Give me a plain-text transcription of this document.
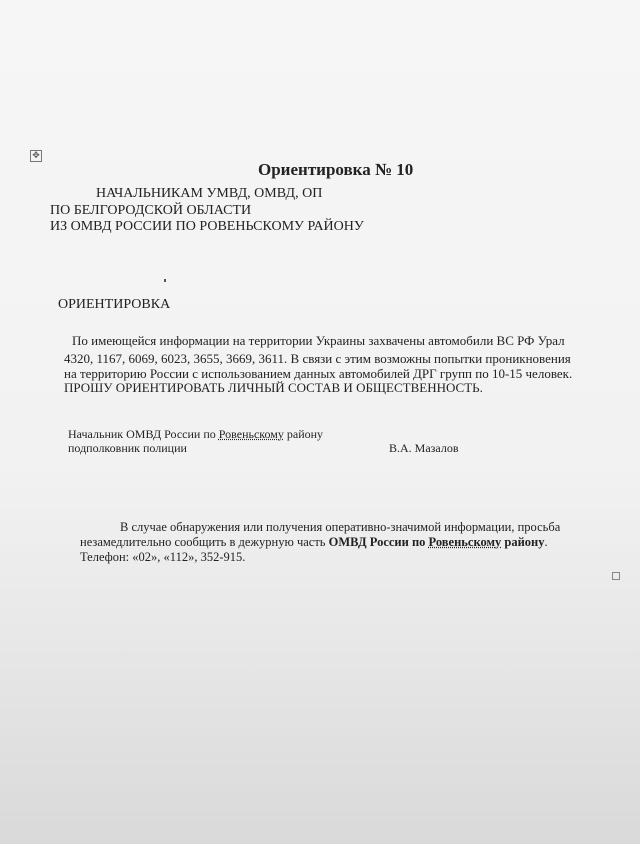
✥
Ориентировка № 10
НАЧАЛЬНИКАМ УМВД, ОМВД, ОП
ПО БЕЛГОРОДСКОЙ ОБЛАСТИ
ИЗ ОМВД РОССИИ ПО РОВЕНЬСКОМУ РАЙОНУ
ОРИЕНТИРОВКА
По имеющейся информации на территории Украины захвачены автомобили ВС РФ Урал
4320, 1167, 6069, 6023, 3655, 3669, 3611. В связи с этим возможны попытки проникновения
на территорию России с использованием данных автомобилей ДРГ групп по 10-15 человек.
ПРОШУ ОРИЕНТИРОВАТЬ ЛИЧНЫЙ СОСТАВ И ОБЩЕСТВЕННОСТЬ.
Начальник ОМВД России по Ровеньскому району
подполковник полиции	В.А. Мазалов
В случае обнаружения или получения оперативно-значимой информации, просьба
незамедлительно сообщить в дежурную часть ОМВД России по Ровеньскому району.
Телефон: «02», «112», 352-915.
